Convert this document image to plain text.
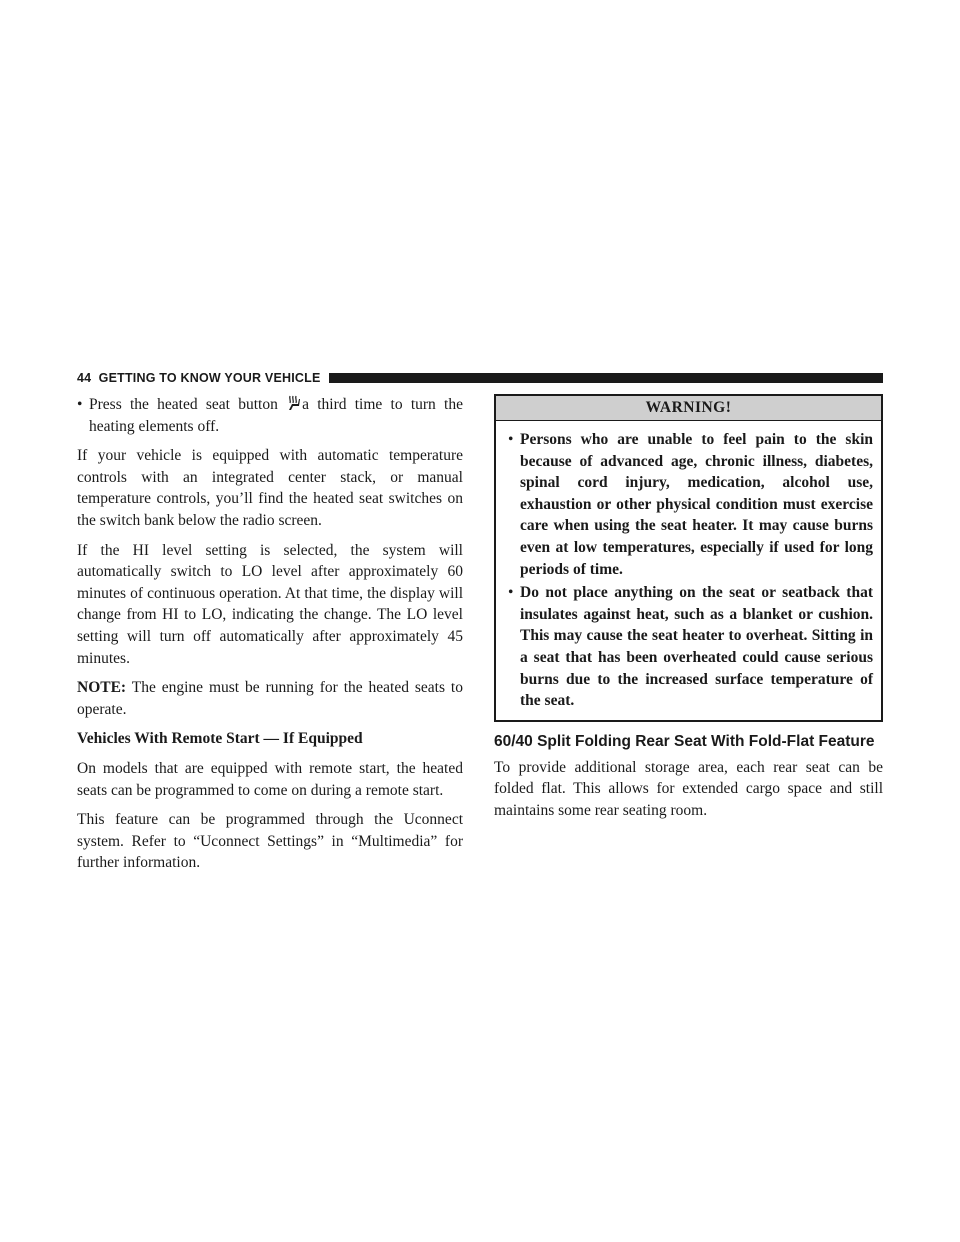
44 GETTING TO KNOW YOUR VEHICLE
• Press the heated seat button a third time to turn the heating elements off.

If your vehicle is equipped with automatic temperature controls with an integrated center stack, or manual temperature controls, you’ll find the heated seat switches on the switch bank below the radio screen.

If the HI level setting is selected, the system will automatically switch to LO level after approximately 60 minutes of continuous operation. At that time, the display will change from HI to LO, indicating the change. The LO level setting will turn off automatically after approximately 45 minutes.

NOTE: The engine must be running for the heated seats to operate.

Vehicles With Remote Start — If Equipped

On models that are equipped with remote start, the heated seats can be programmed to come on during a remote start.

This feature can be programmed through the Uconnect system. Refer to “Uconnect Settings” in “Multimedia” for further information.

WARNING!
• Persons who are unable to feel pain to the skin because of advanced age, chronic illness, diabetes, spinal cord injury, medication, alcohol use, exhaustion or other physical condition must exercise care when using the seat heater. It may cause burns even at low temperatures, especially if used for long periods of time.

• Do not place anything on the seat or seatback that insulates against heat, such as a blanket or cushion. This may cause the seat heater to overheat. Sitting in a seat that has been overheated could cause serious burns due to the increased surface temperature of the seat.

60/40 Split Folding Rear Seat With Fold-Flat Feature

To provide additional storage area, each rear seat can be folded flat. This allows for extended cargo space and still maintains some rear seating room.
